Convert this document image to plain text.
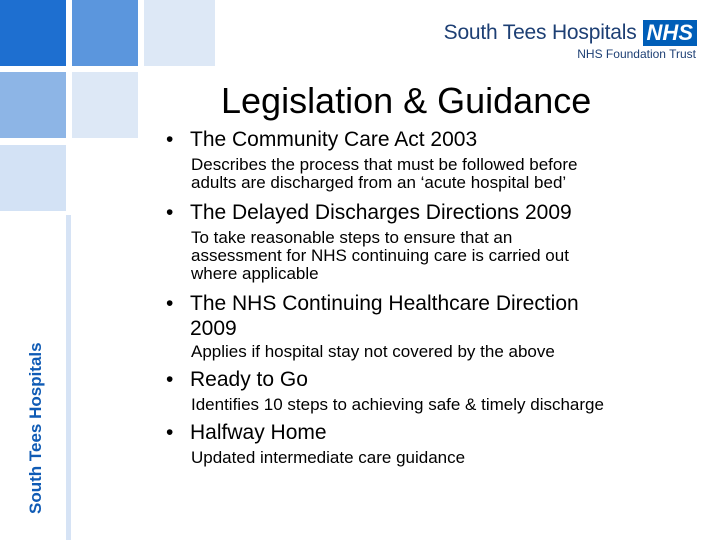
South Tees Hospitals NHS
NHS Foundation Trust
Legislation & Guidance
South Tees Hospitals
• The Community Care Act 2003
Describes the process that must be followed before
adults are discharged from an ‘acute hospital bed’
• The Delayed Discharges Directions 2009
To take reasonable steps to ensure that an
assessment for NHS continuing care is carried out
where applicable
• The NHS Continuing Healthcare Direction
2009
Applies if hospital stay not covered by the above
• Ready to Go
Identifies 10 steps to achieving safe & timely discharge
• Halfway Home
Updated intermediate care guidance
